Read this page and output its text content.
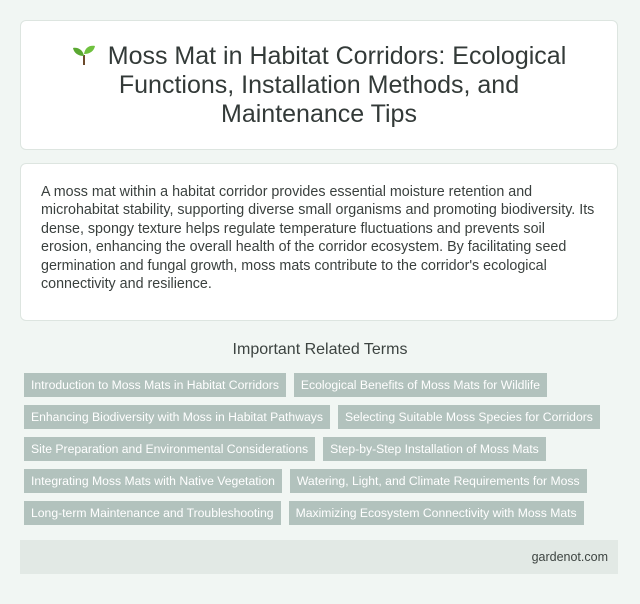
Moss Mat in Habitat Corridors: Ecological Functions, Installation Methods, and Maintenance Tips

A moss mat within a habitat corridor provides essential moisture retention and microhabitat stability, supporting diverse small organisms and promoting biodiversity. Its dense, spongy texture helps regulate temperature fluctuations and prevents soil erosion, enhancing the overall health of the corridor ecosystem. By facilitating seed germination and fungal growth, moss mats contribute to the corridor's ecological connectivity and resilience.

Important Related Terms
Introduction to Moss Mats in Habitat Corridors	Ecological Benefits of Moss Mats for Wildlife
Enhancing Biodiversity with Moss in Habitat Pathways	Selecting Suitable Moss Species for Corridors
Site Preparation and Environmental Considerations	Step-by-Step Installation of Moss Mats
Integrating Moss Mats with Native Vegetation	Watering, Light, and Climate Requirements for Moss
Long-term Maintenance and Troubleshooting	Maximizing Ecosystem Connectivity with Moss Mats
gardenot.com
